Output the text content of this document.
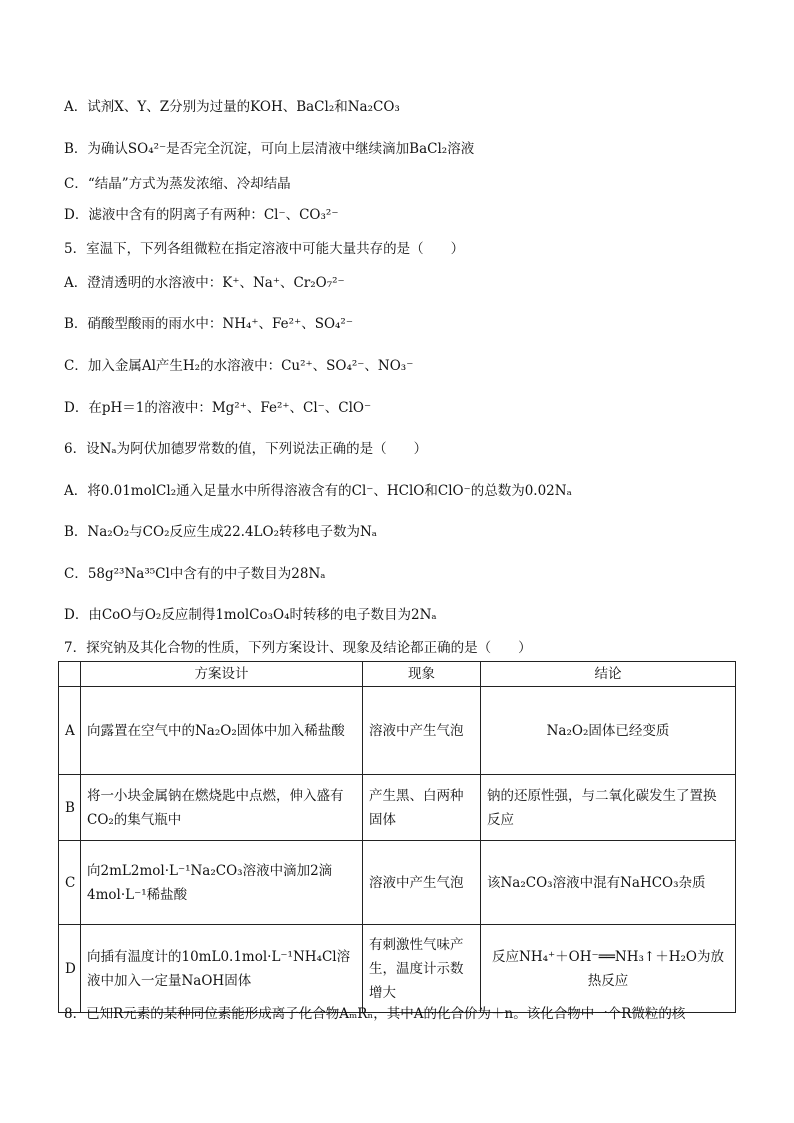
A．试剂X、Y、Z分别为过量的KOH、BaCl₂和Na₂CO₃
B．为确认SO₄²⁻是否完全沉淀，可向上层清液中继续滴加BaCl₂溶液
C．“结晶”方式为蒸发浓缩、冷却结晶
D．滤液中含有的阴离子有两种：Cl⁻、CO₃²⁻
5．室温下，下列各组微粒在指定溶液中可能大量共存的是（　　）
A．澄清透明的水溶液中：K⁺、Na⁺、Cr₂O₇²⁻
B．硝酸型酸雨的雨水中：NH₄⁺、Fe²⁺、SO₄²⁻
C．加入金属Al产生H₂的水溶液中：Cu²⁺、SO₄²⁻、NO₃⁻
D．在pH＝1的溶液中：Mg²⁺、Fe²⁺、Cl⁻、ClO⁻
6．设Nₐ为阿伏加德罗常数的值，下列说法正确的是（　　）
A．将0.01molCl₂通入足量水中所得溶液含有的Cl⁻、HClO和ClO⁻的总数为0.02Nₐ
B．Na₂O₂与CO₂反应生成22.4LO₂转移电子数为Nₐ
C．58g²³Na³⁵Cl中含有的中子数目为28Nₐ
D．由CoO与O₂反应制得1molCo₃O₄时转移的电子数目为2Nₐ
7．探究钠及其化合物的性质，下列方案设计、现象及结论都正确的是（　　）
	方案设计	现象	结论
A	向露置在空气中的Na₂O₂固体中加入稀盐酸	溶液中产生气泡	Na₂O₂固体已经变质
B	将一小块金属钠在燃烧匙中点燃，伸入盛有CO₂的集气瓶中	产生黑、白两种固体	钠的还原性强，与二氧化碳发生了置换反应
C	向2mL2mol·L⁻¹Na₂CO₃溶液中滴加2滴4mol·L⁻¹稀盐酸	溶液中产生气泡	该Na₂CO₃溶液中混有NaHCO₃杂质
D	向插有温度计的10mL0.1mol·L⁻¹NH₄Cl溶液中加入一定量NaOH固体	有刺激性气味产生，温度计示数增大	反应NH₄⁺＋OH⁻══NH₃↑＋H₂O为放热反应
8．已知R元素的某种同位素能形成离子化合物AₘRₙ，其中A的化合价为＋n。该化合物中一个R微粒的核
